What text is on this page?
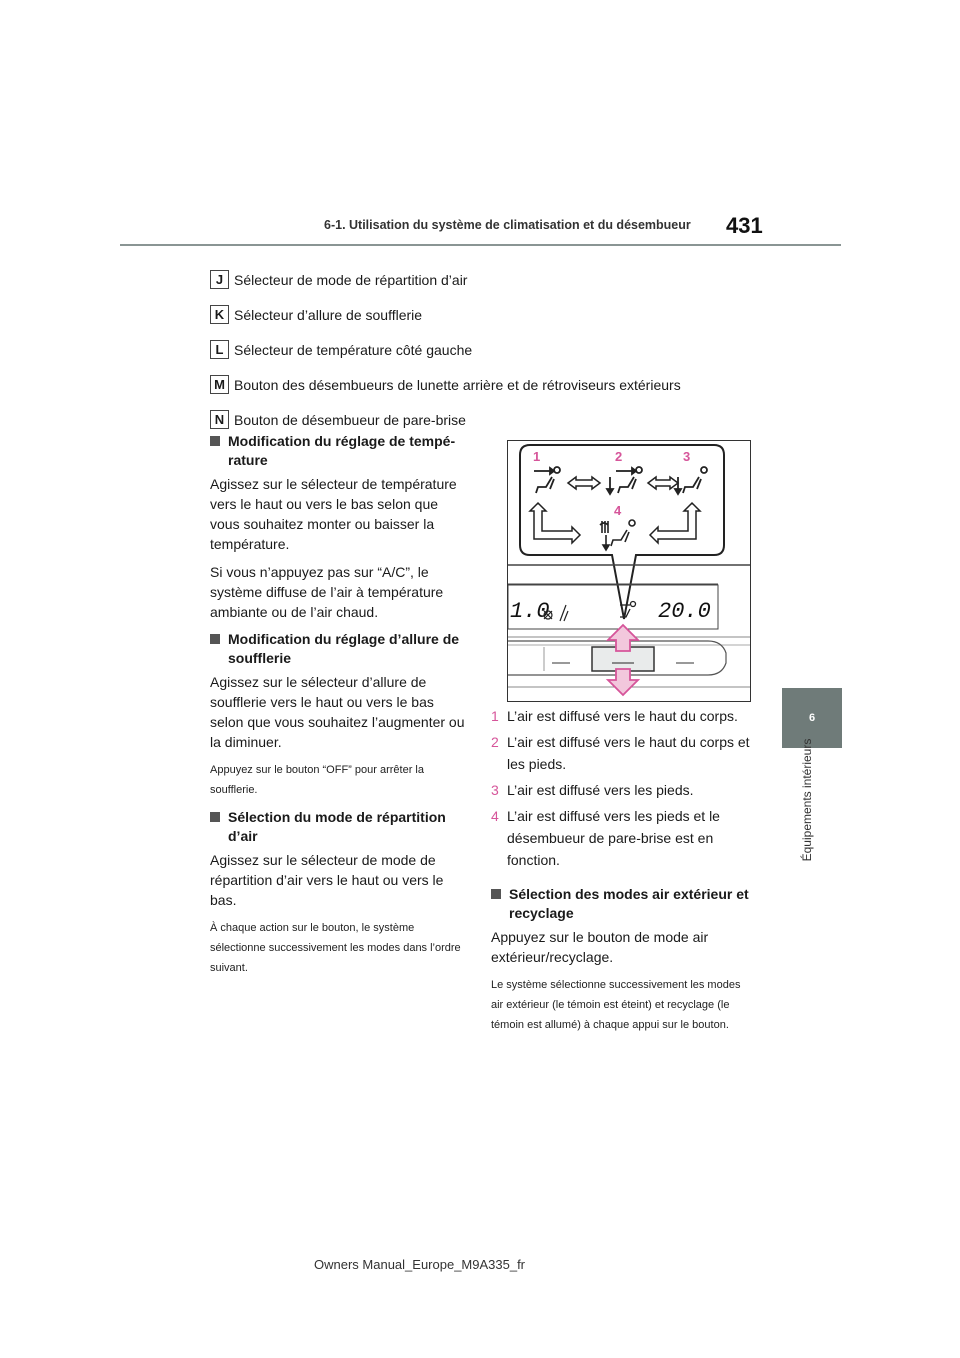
6-1. Utilisation du système de climatisation et du désembueur 431
6
Équipements intérieurs
J Sélecteur de mode de répartition d’air
K Sélecteur d’allure de soufflerie
L Sélecteur de température côté gauche
M Bouton des désembueurs de lunette arrière et de rétroviseurs extérieurs
N Bouton de désembueur de pare-brise
Modification du réglage de tempé-rature

Agissez sur le sélecteur de température vers le haut ou vers le bas selon que vous souhaitez monter ou baisser la température.

Si vous n’appuyez pas sur “A/C”, le système diffuse de l’air à température ambiante ou de l’air chaud.

Modification du réglage d’allure de soufflerie

Agissez sur le sélecteur d’allure de soufflerie vers le haut ou vers le bas selon que vous souhaitez l’augmenter ou la diminuer.

Appuyez sur le bouton “OFF” pour arrêter la soufflerie.

Sélection du mode de répartition d’air

Agissez sur le sélecteur de mode de répartition d’air vers le haut ou vers le bas.

À chaque action sur le bouton, le système sélectionne successivement les modes dans l’ordre suivant.

1	2	3
4
1.0	20.0
1 L’air est diffusé vers le haut du corps.
2 L’air est diffusé vers le haut du corps et les pieds.
3 L’air est diffusé vers les pieds.
4 L’air est diffusé vers les pieds et le désembueur de pare-brise est en fonction.
Sélection des modes air extérieur et recyclage

Appuyez sur le bouton de mode air extérieur/recyclage.

Le système sélectionne successivement les modes air extérieur (le témoin est éteint) et recyclage (le témoin est allumé) à chaque appui sur le bouton.

Owners Manual_Europe_M9A335_fr
